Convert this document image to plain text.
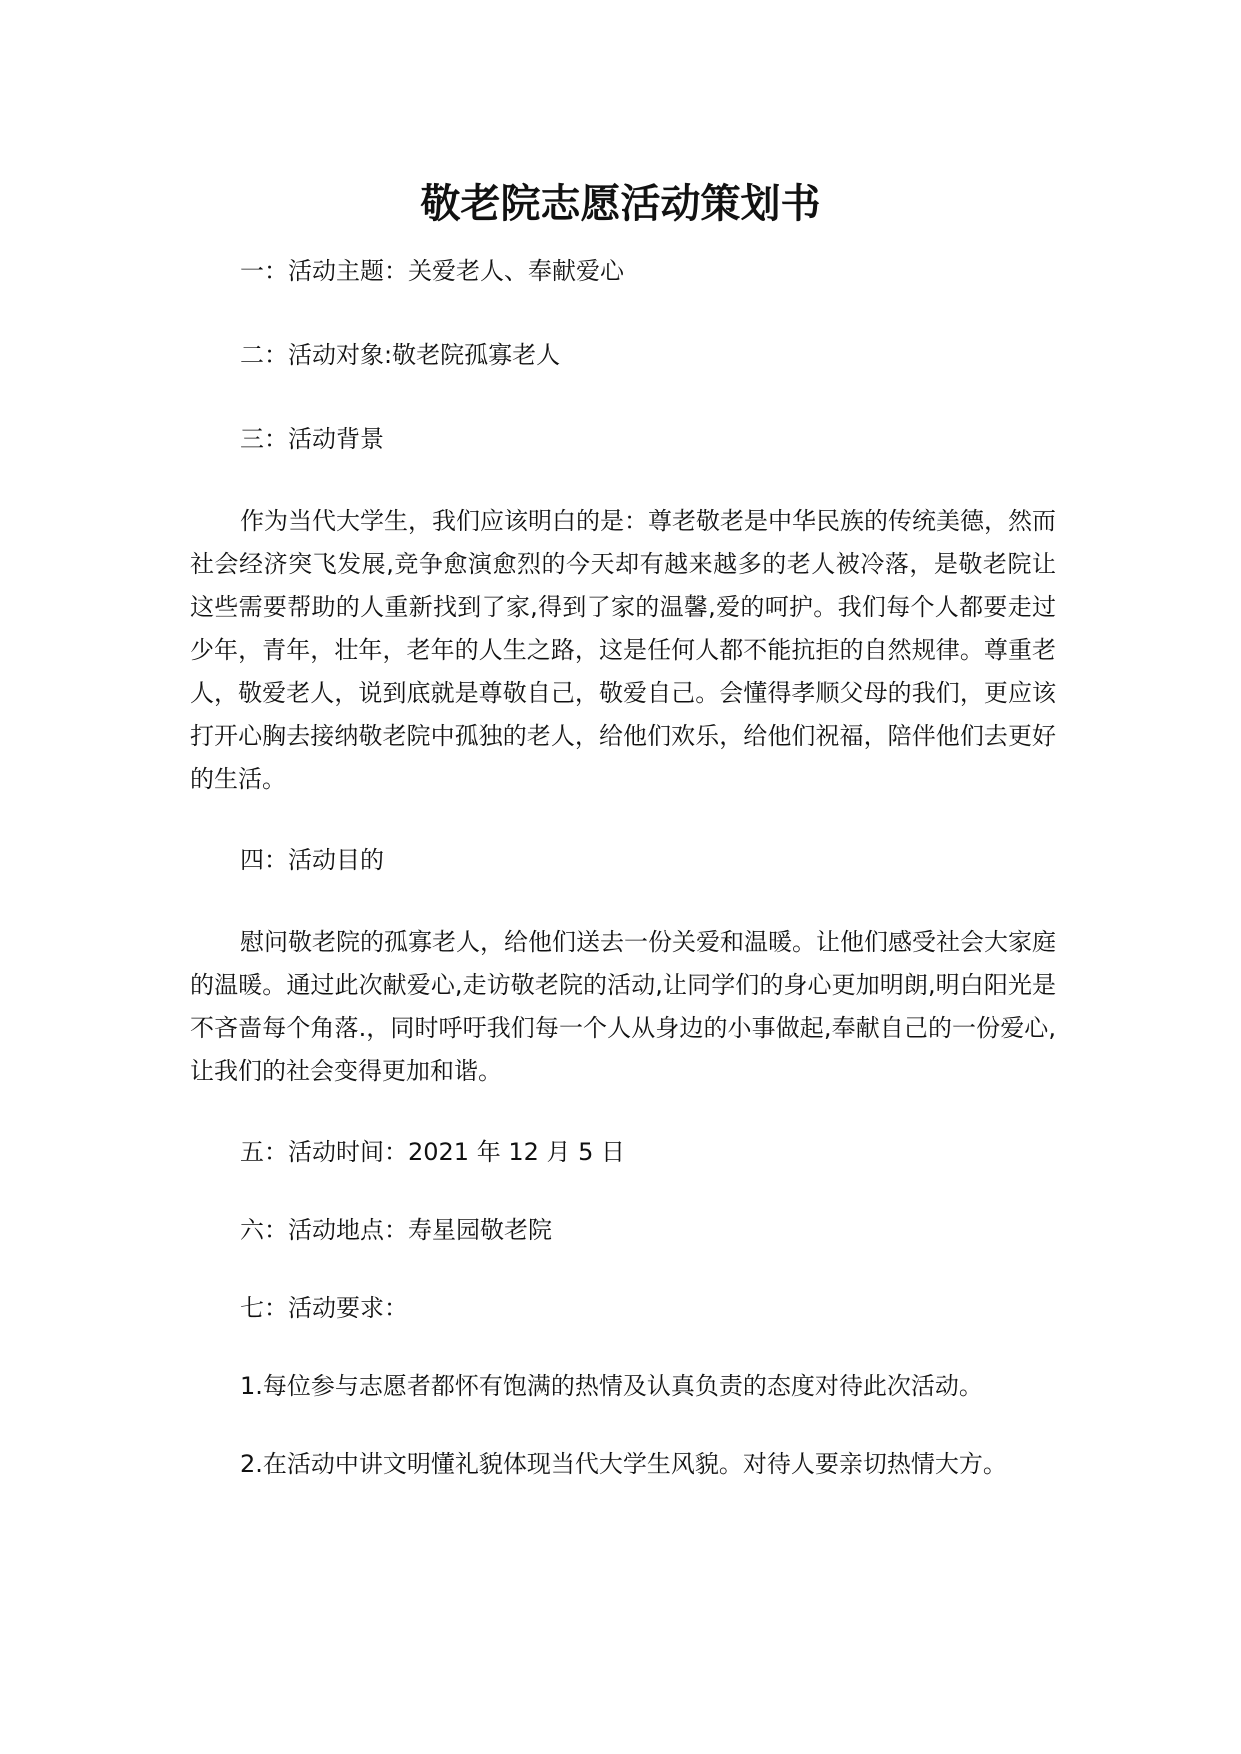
敬老院志愿活动策划书

一：活动主题：关爱老人、奉献爱心

二：活动对象:敬老院孤寡老人

三：活动背景

作为当代大学生，我们应该明白的是：尊老敬老是中华民族的传统美德，然而社会经济突飞发展,竞争愈演愈烈的今天却有越来越多的老人被冷落，是敬老院让这些需要帮助的人重新找到了家,得到了家的温馨,爱的呵护。我们每个人都要走过少年，青年，壮年，老年的人生之路，这是任何人都不能抗拒的自然规律。尊重老人，敬爱老人，说到底就是尊敬自己，敬爱自己。会懂得孝顺父母的我们，更应该打开心胸去接纳敬老院中孤独的老人，给他们欢乐，给他们祝福，陪伴他们去更好的生活。

四：活动目的

慰问敬老院的孤寡老人，给他们送去一份关爱和温暖。让他们感受社会大家庭的温暖。通过此次献爱心,走访敬老院的活动,让同学们的身心更加明朗,明白阳光是不吝啬每个角落.，同时呼吁我们每一个人从身边的小事做起,奉献自己的一份爱心,让我们的社会变得更加和谐。

五：活动时间：2021 年 12 月 5 日

六：活动地点：寿星园敬老院

七：活动要求：

1.每位参与志愿者都怀有饱满的热情及认真负责的态度对待此次活动。

2.在活动中讲文明懂礼貌体现当代大学生风貌。对待人要亲切热情大方。
